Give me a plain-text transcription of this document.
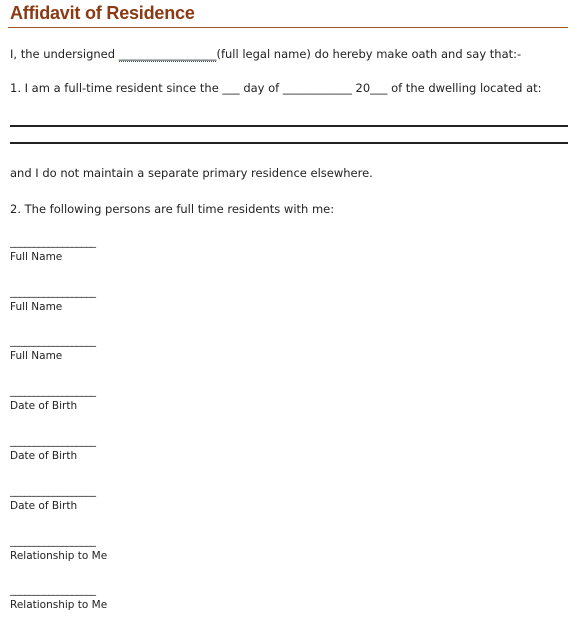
Affidavit of Residence
I, the undersigned _________________(full legal name) do hereby make oath and say that:-
1. I am a full-time resident since the ___ day of ____________ 20___ of the dwelling located at:
and I do not maintain a separate primary residence elsewhere.
2. The following persons are full time residents with me:
__________________
Full Name
__________________
Full Name
__________________
Full Name
__________________
Date of Birth
__________________
Date of Birth
__________________
Date of Birth
__________________
Relationship to Me
__________________
Relationship to Me
